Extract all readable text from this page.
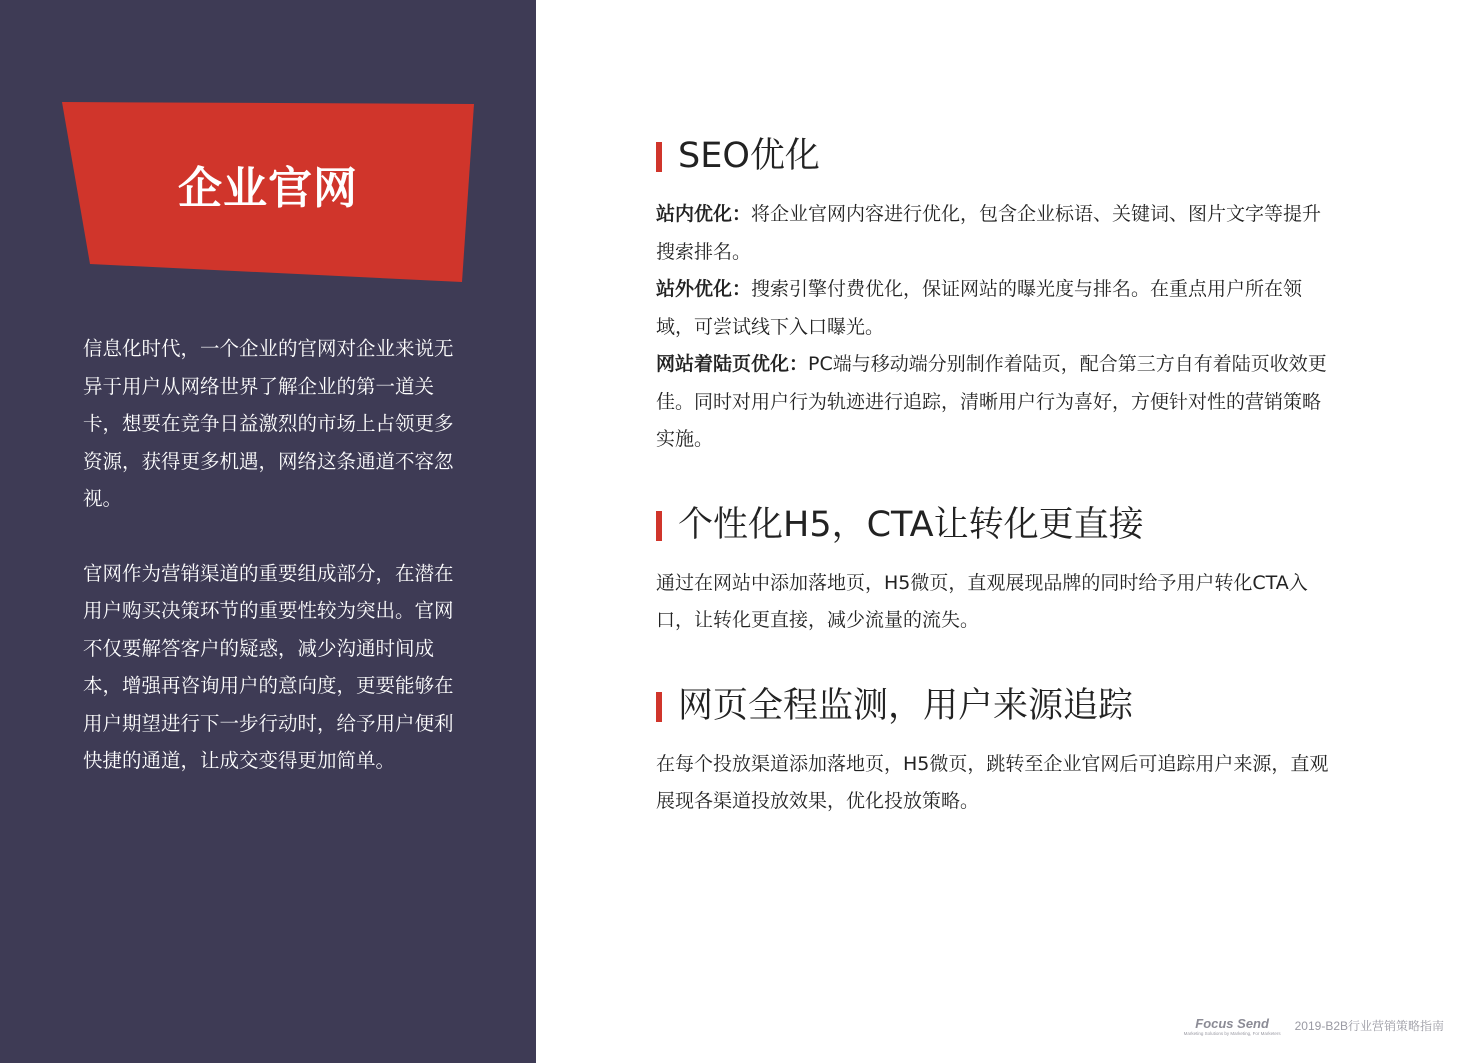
企业官网

信息化时代，一个企业的官网对企业来说无异于用户从网络世界了解企业的第一道关卡，想要在竞争日益激烈的市场上占领更多资源，获得更多机遇，网络这条通道不容忽视。

官网作为营销渠道的重要组成部分，在潜在用户购买决策环节的重要性较为突出。官网不仅要解答客户的疑惑，减少沟通时间成本，增强再咨询用户的意向度，更要能够在用户期望进行下一步行动时，给予用户便利快捷的通道，让成交变得更加简单。

SEO优化

站内优化：将企业官网内容进行优化，包含企业标语、关键词、图片文字等提升搜索排名。

站外优化：搜索引擎付费优化，保证网站的曝光度与排名。在重点用户所在领域，可尝试线下入口曝光。

网站着陆页优化：PC端与移动端分别制作着陆页，配合第三方自有着陆页收效更佳。同时对用户行为轨迹进行追踪，清晰用户行为喜好，方便针对性的营销策略实施。

个性化H5，CTA让转化更直接

通过在网站中添加落地页，H5微页，直观展现品牌的同时给予用户转化CTA入口，让转化更直接，减少流量的流失。

网页全程监测，用户来源追踪

在每个投放渠道添加落地页，H5微页，跳转至企业官网后可追踪用户来源，直观展现各渠道投放效果，优化投放策略。

Focus Send
Marketing Solutions by Marketing, For Marketers
2019-B2B行业营销策略指南
